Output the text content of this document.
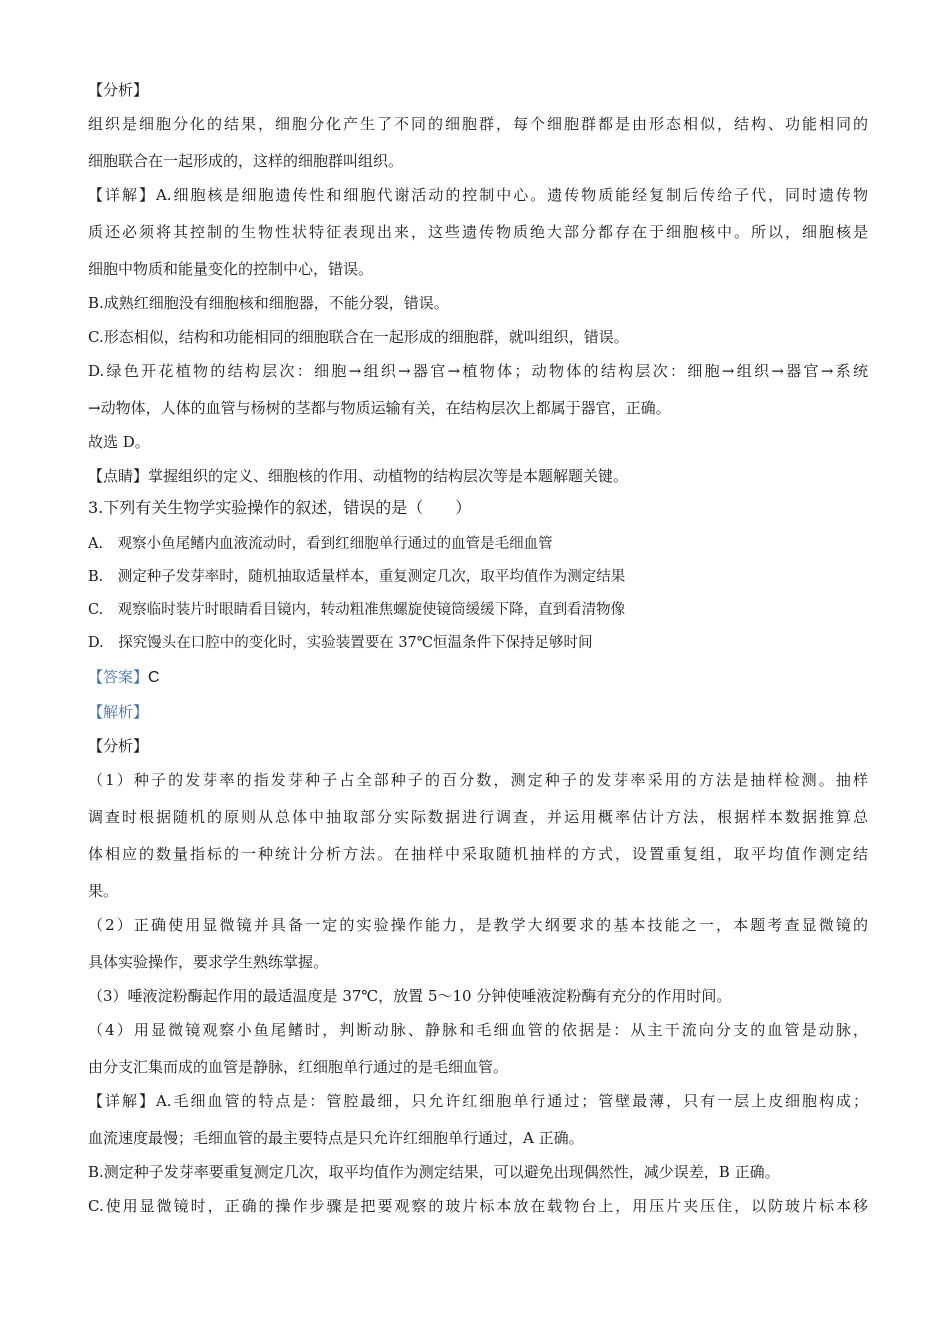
【分析】
组织是细胞分化的结果，细胞分化产生了不同的细胞群，每个细胞群都是由形态相似，结构、功能相同的
细胞联合在一起形成的，这样的细胞群叫组织。
【详解】A.细胞核是细胞遗传性和细胞代谢活动的控制中心。遗传物质能经复制后传给子代，同时遗传物
质还必须将其控制的生物性状特征表现出来，这些遗传物质绝大部分都存在于细胞核中。所以，细胞核是
细胞中物质和能量变化的控制中心，错误。
B.成熟红细胞没有细胞核和细胞器，不能分裂，错误。
C.形态相似，结构和功能相同的细胞联合在一起形成的细胞群，就叫组织，错误。
D.绿色开花植物的结构层次：细胞→组织→器官→植物体；动物体的结构层次：细胞→组织→器官→系统
→动物体，人体的血管与杨树的茎都与物质运输有关，在结构层次上都属于器官，正确。
故选 D。
【点睛】掌握组织的定义、细胞核的作用、动植物的结构层次等是本题解题关键。
3.下列有关生物学实验操作的叙述，错误的是（　　）
A.　观察小鱼尾鳍内血液流动时，看到红细胞单行通过的血管是毛细血管
B.　测定种子发芽率时，随机抽取适量样本，重复测定几次，取平均值作为测定结果
C.　观察临时装片时眼睛看目镜内，转动粗准焦螺旋使镜筒缓缓下降，直到看清物像
D.　探究馒头在口腔中的变化时，实验装置要在 37℃恒温条件下保持足够时间
【答案】C
【解析】
【分析】
（1）种子的发芽率的指发芽种子占全部种子的百分数，测定种子的发芽率采用的方法是抽样检测。抽样
调查时根据随机的原则从总体中抽取部分实际数据进行调查，并运用概率估计方法，根据样本数据推算总
体相应的数量指标的一种统计分析方法。在抽样中采取随机抽样的方式，设置重复组，取平均值作测定结
果。
（2）正确使用显微镜并具备一定的实验操作能力，是教学大纲要求的基本技能之一，本题考查显微镜的
具体实验操作，要求学生熟练掌握。
（3）唾液淀粉酶起作用的最适温度是 37℃，放置 5～10 分钟使唾液淀粉酶有充分的作用时间。
（4）用显微镜观察小鱼尾鳍时，判断动脉、静脉和毛细血管的依据是：从主干流向分支的血管是动脉，
由分支汇集而成的血管是静脉，红细胞单行通过的是毛细血管。
【详解】A.毛细血管的特点是：管腔最细，只允许红细胞单行通过；管壁最薄，只有一层上皮细胞构成；
血流速度最慢；毛细血管的最主要特点是只允许红细胞单行通过，A 正确。
B.测定种子发芽率要重复测定几次，取平均值作为测定结果，可以避免出现偶然性，减少误差，B 正确。
C.使用显微镜时，正确的操作步骤是把要观察的玻片标本放在载物台上，用压片夹压住，以防玻片标本移
